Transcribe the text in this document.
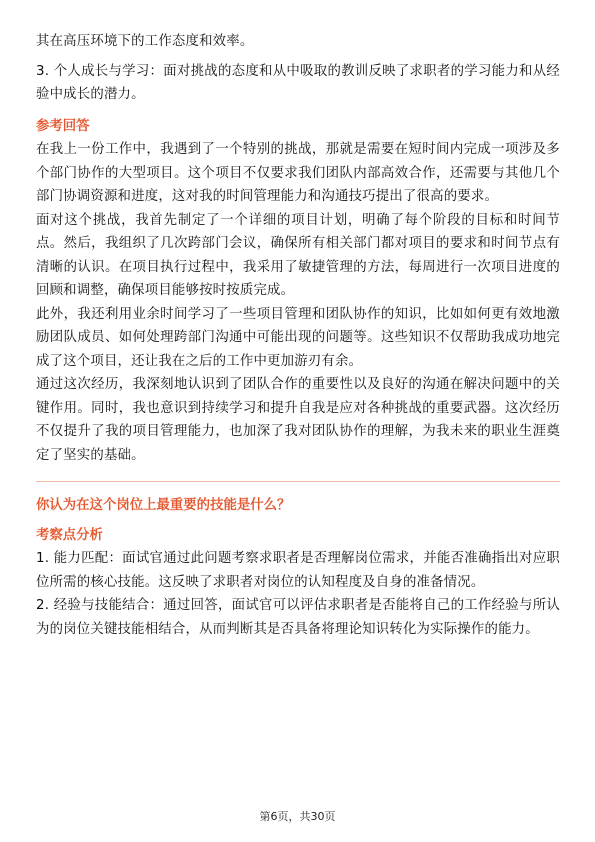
其在高压环境下的工作态度和效率。

3. 个人成长与学习：面对挑战的态度和从中吸取的教训反映了求职者的学习能力和从经验中成长的潜力。

参考回答

在我上一份工作中，我遇到了一个特别的挑战，那就是需要在短时间内完成一项涉及多个部门协作的大型项目。这个项目不仅要求我们团队内部高效合作，还需要与其他几个部门协调资源和进度，这对我的时间管理能力和沟通技巧提出了很高的要求。

面对这个挑战，我首先制定了一个详细的项目计划，明确了每个阶段的目标和时间节点。然后，我组织了几次跨部门会议，确保所有相关部门都对项目的要求和时间节点有清晰的认识。在项目执行过程中，我采用了敏捷管理的方法，每周进行一次项目进度的回顾和调整，确保项目能够按时按质完成。

此外，我还利用业余时间学习了一些项目管理和团队协作的知识，比如如何更有效地激励团队成员、如何处理跨部门沟通中可能出现的问题等。这些知识不仅帮助我成功地完成了这个项目，还让我在之后的工作中更加游刃有余。

通过这次经历，我深刻地认识到了团队合作的重要性以及良好的沟通在解决问题中的关键作用。同时，我也意识到持续学习和提升自我是应对各种挑战的重要武器。这次经历不仅提升了我的项目管理能力，也加深了我对团队协作的理解，为我未来的职业生涯奠定了坚实的基础。

你认为在这个岗位上最重要的技能是什么？
考察点分析

1. 能力匹配：面试官通过此问题考察求职者是否理解岗位需求，并能否准确指出对应职位所需的核心技能。这反映了求职者对岗位的认知程度及自身的准备情况。

2. 经验与技能结合：通过回答，面试官可以评估求职者是否能将自己的工作经验与所认为的岗位关键技能相结合，从而判断其是否具备将理论知识转化为实际操作的能力。

第6页，共30页
